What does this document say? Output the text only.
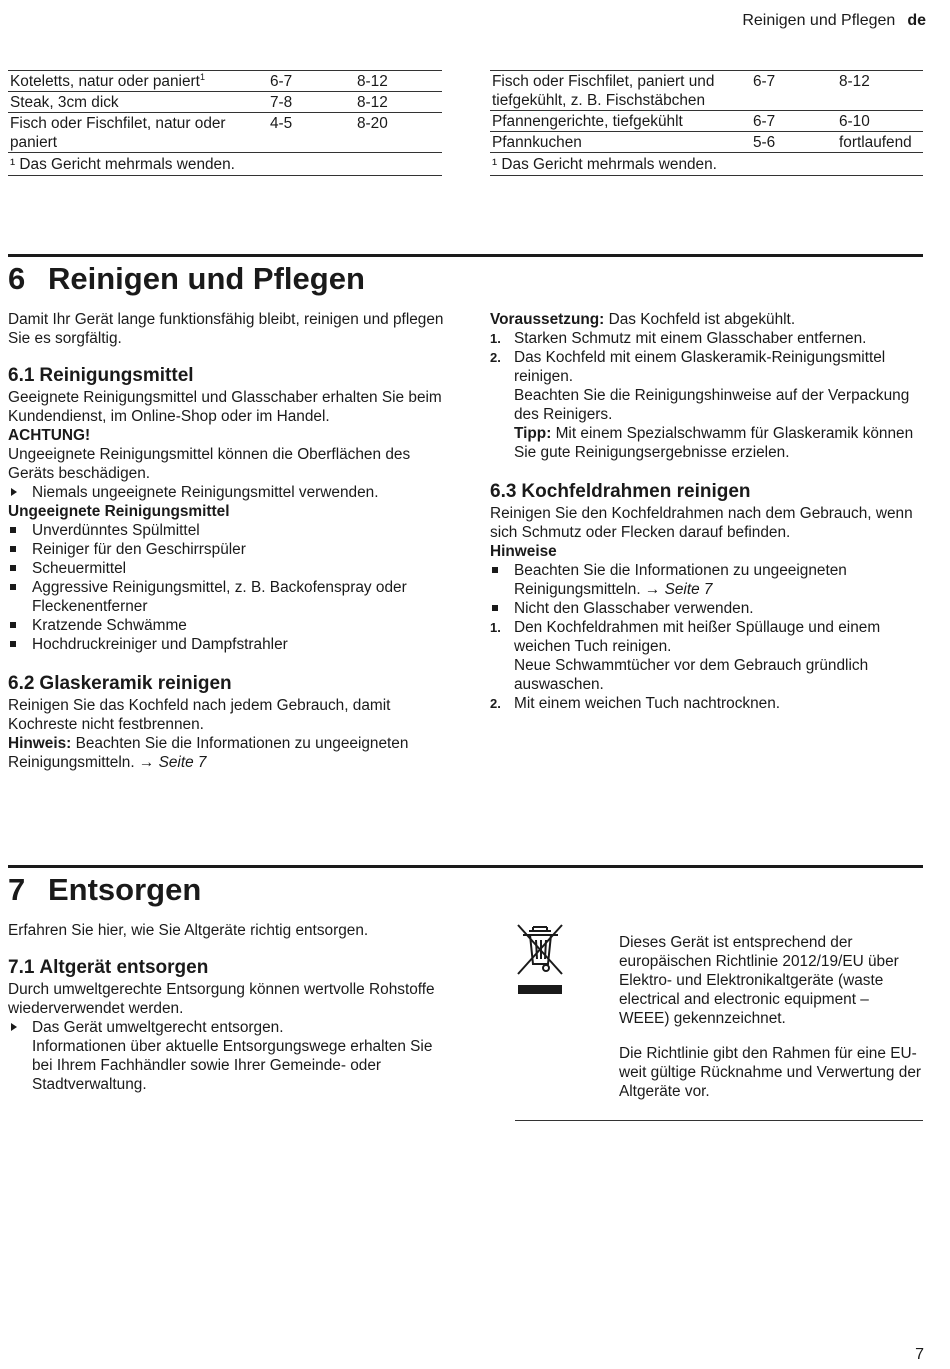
Reinigen und Pflegen de
Koteletts, natur oder paniert$^1$	6-7	8-12
Steak, 3cm dick	7-8	8-12
Fisch oder Fischfilet, natur oder paniert	4-5	8-20
¹ Das Gericht mehrmals wenden.		
Fisch oder Fischfilet, paniert und tiefgekühlt, z. B. Fischstäbchen	6-7	8-12
Pfannengerichte, tiefgekühlt	6-7	6-10
Pfannkuchen	5-6	fortlaufend
¹ Das Gericht mehrmals wenden.		
6 Reinigen und Pflegen

Damit Ihr Gerät lange funktionsfähig bleibt, reinigen und pflegen Sie es sorgfältig.

6.1 Reinigungsmittel

Geeignete Reinigungsmittel und Glasschaber erhalten Sie beim Kundendienst, im Online-Shop oder im Handel.

ACHTUNG!

Ungeeignete Reinigungsmittel können die Oberflächen des Geräts beschädigen.

Niemals ungeeignete Reinigungsmittel verwenden.

Ungeeignete Reinigungsmittel

Unverdünntes Spülmittel
Reiniger für den Geschirrspüler
Scheuermittel
Aggressive Reinigungsmittel, z. B. Backofenspray oder Fleckenentferner
Kratzende Schwämme
Hochdruckreiniger und Dampfstrahler
6.2 Glaskeramik reinigen

Reinigen Sie das Kochfeld nach jedem Gebrauch, damit Kochreste nicht festbrennen.

Hinweis: Beachten Sie die Informationen zu ungeeigneten Reinigungsmitteln. → Seite 7

Voraussetzung: Das Kochfeld ist abgekühlt.

1. Starken Schmutz mit einem Glasschaber entfernen.
2. Das Kochfeld mit einem Glaskeramik-Reinigungsmittel reinigen.
Beachten Sie die Reinigungshinweise auf der Verpackung des Reinigers.

Tipp: Mit einem Spezialschwamm für Glaskeramik können Sie gute Reinigungsergebnisse erzielen.

6.3 Kochfeldrahmen reinigen

Reinigen Sie den Kochfeldrahmen nach dem Gebrauch, wenn sich Schmutz oder Flecken darauf befinden.

Hinweise

Beachten Sie die Informationen zu ungeeigneten Reinigungsmitteln. → Seite 7
Nicht den Glasschaber verwenden.
1. Den Kochfeldrahmen mit heißer Spüllauge und einem weichen Tuch reinigen.
Neue Schwammtücher vor dem Gebrauch gründlich auswaschen.
2. Mit einem weichen Tuch nachtrocknen.
7 Entsorgen

Erfahren Sie hier, wie Sie Altgeräte richtig entsorgen.

7.1 Altgerät entsorgen

Durch umweltgerechte Entsorgung können wertvolle Rohstoffe wiederverwendet werden.

Das Gerät umweltgerecht entsorgen.
Informationen über aktuelle Entsorgungswege erhalten Sie bei Ihrem Fachhändler sowie Ihrer Gemeinde- oder Stadtverwaltung.

Dieses Gerät ist entsprechend der europäischen Richtlinie 2012/19/EU über Elektro- und Elektronikaltgeräte (waste electrical and electronic equipment – WEEE) gekennzeichnet.

Die Richtlinie gibt den Rahmen für eine EU-weit gültige Rücknahme und Verwertung der Altgeräte vor.

7
